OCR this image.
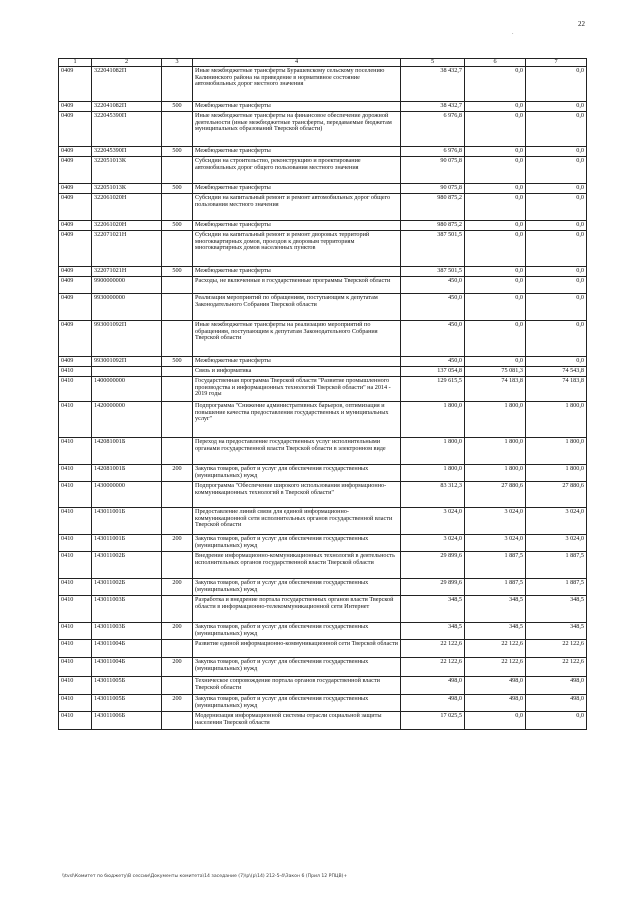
22
.
1	2	3	4	5	6	7
0409	322041082П		Иные межбюджетные трансферты Бурашевскому сельскому поселению Калининского района на приведение в нормативное состояние автомобильных дорог местного значения	38 432,7	0,0	0,0
0409	322041082П	500	Межбюджетные трансферты	38 432,7	0,0	0,0
0409	322045390П		Иные межбюджетные трансферты на финансовое обеспечение дорожной деятельности (иные межбюджетные трансферты, передаваемые бюджетам муниципальных образований Тверской области)	6 976,8	0,0	0,0
0409	322045390П	500	Межбюджетные трансферты	6 976,8	0,0	0,0
0409	322051013К		Субсидии на строительство, реконструкцию и проектирование автомобильных дорог общего пользования местного значения	90 075,8	0,0	0,0
0409	322051013К	500	Межбюджетные трансферты	90 075,8	0,0	0,0
0409	322061020Н		Субсидии на капитальный ремонт и ремонт автомобильных дорог общего пользования местного значения	980 875,2	0,0	0,0
0409	322061020Н	500	Межбюджетные трансферты	980 875,2	0,0	0,0
0409	322071021Н		Субсидии на капитальный ремонт и ремонт дворовых территорий многоквартирных домов, проездов к дворовым территориям многоквартирных домов населенных пунктов	387 501,5	0,0	0,0
0409	322071021Н	500	Межбюджетные трансферты	387 501,5	0,0	0,0
0409	9900000000		Расходы, не включенные в государственные программы Тверской области	450,0	0,0	0,0
0409	9930000000		Реализация мероприятий по обращениям, поступающим к депутатам Законодательного Собрания Тверской области	450,0	0,0	0,0
0409	993001092П		Иные межбюджетные трансферты на реализацию мероприятий по обращениям, поступающим к депутатам Законодательного Собрания Тверской области	450,0	0,0	0,0
0409	993001092П	500	Межбюджетные трансферты	450,0	0,0	0,0
0410			Связь и информатика	137 054,8	75 081,3	74 543,8
0410	1400000000		Государственная программа Тверской области "Развитие промышленного производства и информационных технологий Тверской области" на 2014 - 2019 годы	129 615,5	74 183,8	74 183,8
0410	1420000000		Подпрограмма "Снижение административных барьеров, оптимизация и повышение качества предоставления государственных и муниципальных услуг"	1 800,0	1 800,0	1 800,0
0410	142081001Б		Переход на предоставление государственных услуг исполнительными органами государственной власти Тверской области в электронном виде	1 800,0	1 800,0	1 800,0
0410	142081001Б	200	Закупка товаров, работ и услуг для обеспечения государственных (муниципальных) нужд	1 800,0	1 800,0	1 800,0
0410	1430000000		Подпрограмма "Обеспечение широкого использования информационно-коммуникационных технологий в Тверской области"	83 312,3	27 880,6	27 880,6
0410	143011001Б		Предоставление линий связи для единой информационно-коммуникационной сети исполнительных органов государственной власти Тверской области	3 024,0	3 024,0	3 024,0
0410	143011001Б	200	Закупка товаров, работ и услуг для обеспечения государственных (муниципальных) нужд	3 024,0	3 024,0	3 024,0
0410	143011002Б		Внедрение информационно-коммуникационных технологий в деятельность исполнительных органов государственной власти Тверской области	29 899,6	1 887,5	1 887,5
0410	143011002Б	200	Закупка товаров, работ и услуг для обеспечения государственных (муниципальных) нужд	29 899,6	1 887,5	1 887,5
0410	143011003Б		Разработка и внедрение портала государственных органов власти Тверской области в информационно-телекоммуникационной сети Интернет	348,5	348,5	348,5
0410	143011003Б	200	Закупка товаров, работ и услуг для обеспечения государственных (муниципальных) нужд	348,5	348,5	348,5
0410	143011004Б		Развитие единой информационно-коммуникационной сети Тверской области	22 122,6	22 122,6	22 122,6
0410	143011004Б	200	Закупка товаров, работ и услуг для обеспечения государственных (муниципальных) нужд	22 122,6	22 122,6	22 122,6
0410	143011005Б		Техническое сопровождение портала органов государственной власти Тверской области	498,0	498,0	498,0
0410	143011005Б	200	Закупка товаров, работ и услуг для обеспечения государственных (муниципальных) нужд	498,0	498,0	498,0
0410	143011006Б		Модернизация информационной системы отрасли социальной защиты населения Тверской области	17 025,5	0,0	0,0
\\tvsl\Комитет по бюджету\В сессии\Документы комитета\14 заседание (7)\р\(р\14) 212-5-4\Закон 6 (Прил 12 РПЦВ)+
